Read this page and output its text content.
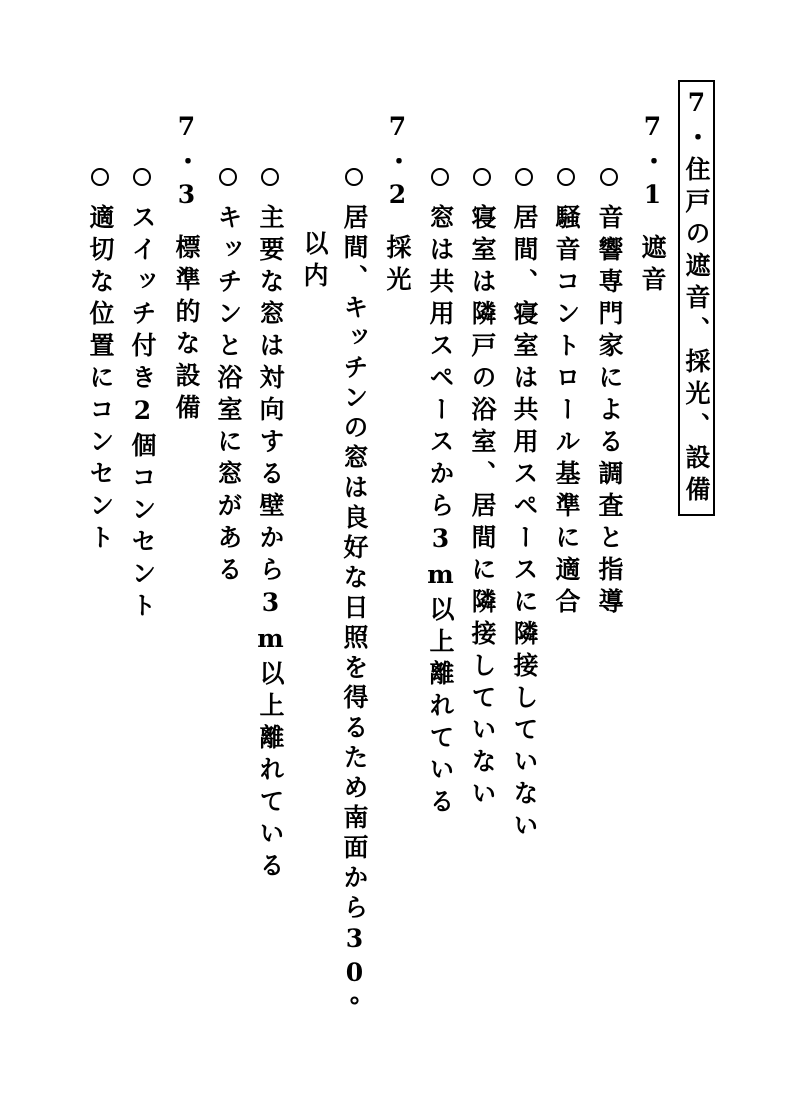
7・住戸の遮音、採光、設備
7・1遮音
音響専門家による調査と指導
騒音コントロール基準に適合
居間、寝室は共用スペースに隣接していない
寝室は隣戸の浴室、居間に隣接していない
窓は共用スペースから3m以上離れている
7・2採光
居間、キッチンの窓は良好な日照を得るため南面から30°
以内
主要な窓は対向する壁から3m以上離れている
キッチンと浴室に窓がある
7・3標準的な設備
スイッチ付き2個コンセント
適切な位置にコンセント
